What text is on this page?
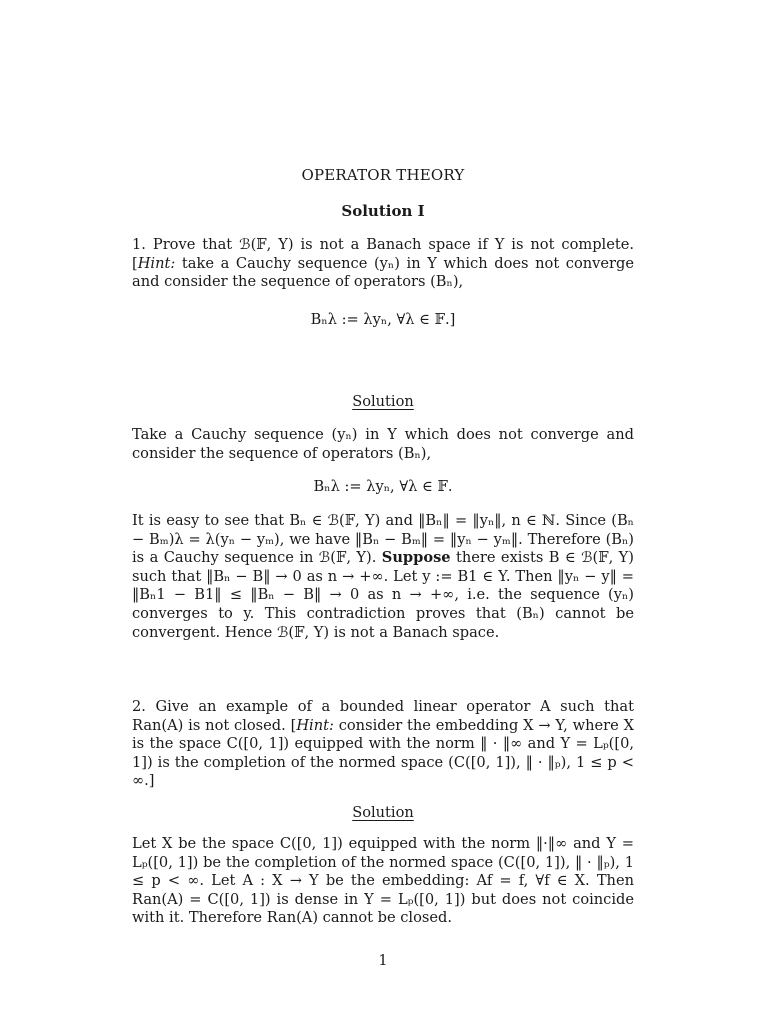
OPERATOR THEORY
Solution I
1. Prove that ℬ(𝔽, Y) is not a Banach space if Y is not complete. [Hint: take a Cauchy sequence (yₙ) in Y which does not converge and consider the sequence of operators (Bₙ),
Bₙλ := λyₙ, ∀λ ∈ 𝔽.]
Solution
Take a Cauchy sequence (yₙ) in Y which does not converge and consider the sequence of operators (Bₙ),
Bₙλ := λyₙ, ∀λ ∈ 𝔽.
It is easy to see that Bₙ ∈ ℬ(𝔽, Y) and ‖Bₙ‖ = ‖yₙ‖, n ∈ ℕ. Since (Bₙ − Bₘ)λ = λ(yₙ − yₘ), we have ‖Bₙ − Bₘ‖ = ‖yₙ − yₘ‖. Therefore (Bₙ) is a Cauchy sequence in ℬ(𝔽, Y). Suppose there exists B ∈ ℬ(𝔽, Y) such that ‖Bₙ − B‖ → 0 as n → +∞. Let y := B1 ∈ Y. Then ‖yₙ − y‖ = ‖Bₙ1 − B1‖ ≤ ‖Bₙ − B‖ → 0 as n → +∞, i.e. the sequence (yₙ) converges to y. This contradiction proves that (Bₙ) cannot be convergent. Hence ℬ(𝔽, Y) is not a Banach space.
2. Give an example of a bounded linear operator A such that Ran(A) is not closed. [Hint: consider the embedding X → Y, where X is the space C([0, 1]) equipped with the norm ‖ · ‖∞ and Y = Lₚ([0, 1]) is the completion of the normed space (C([0, 1]), ‖ · ‖ₚ), 1 ≤ p < ∞.]
Solution
Let X be the space C([0, 1]) equipped with the norm ‖·‖∞ and Y = Lₚ([0, 1]) be the completion of the normed space (C([0, 1]), ‖ · ‖ₚ), 1 ≤ p < ∞. Let A : X → Y be the embedding: Af = f, ∀f ∈ X. Then Ran(A) = C([0, 1]) is dense in Y = Lₚ([0, 1]) but does not coincide with it. Therefore Ran(A) cannot be closed.
1
